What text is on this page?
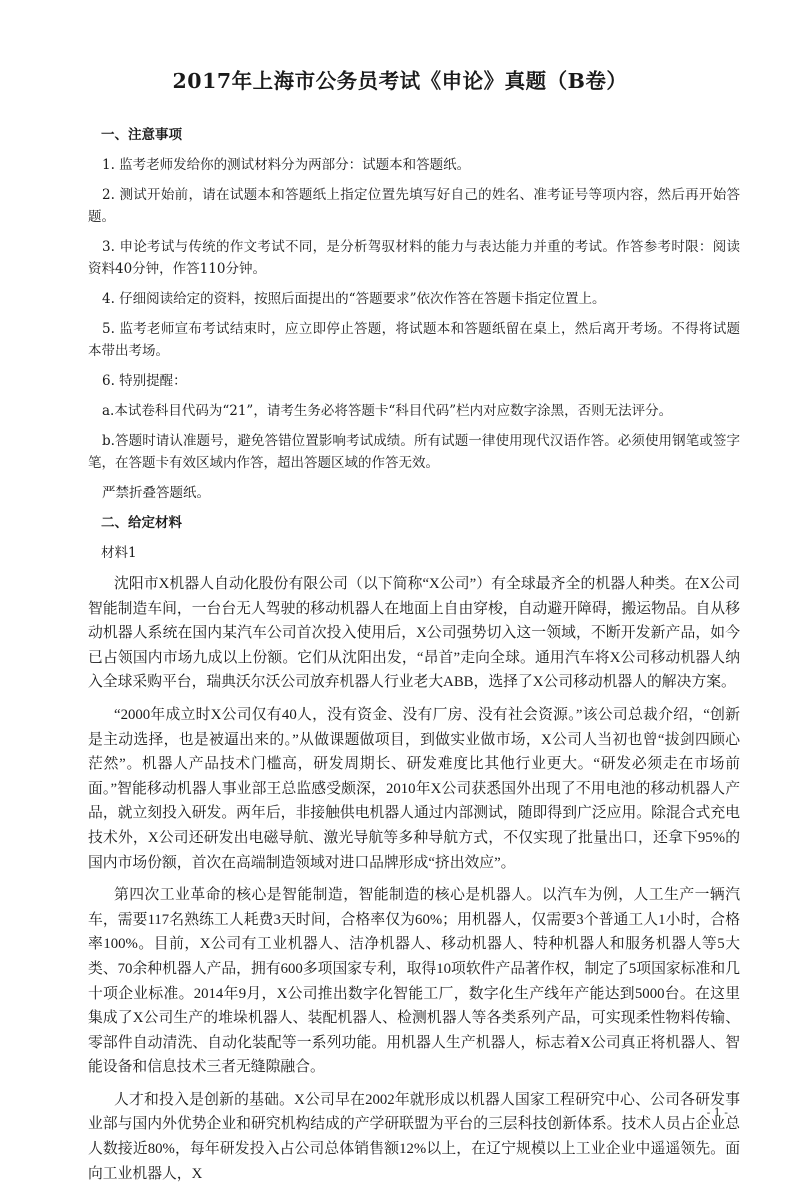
2017年上海市公务员考试《申论》真题（B卷）

一、注意事项

1. 监考老师发给你的测试材料分为两部分：试题本和答题纸。

2. 测试开始前，请在试题本和答题纸上指定位置先填写好自己的姓名、准考证号等项内容，然后再开始答题。

3. 申论考试与传统的作文考试不同，是分析驾驭材料的能力与表达能力并重的考试。作答参考时限：阅读资料40分钟，作答110分钟。

4. 仔细阅读给定的资料，按照后面提出的“答题要求”依次作答在答题卡指定位置上。

5. 监考老师宣布考试结束时，应立即停止答题，将试题本和答题纸留在桌上，然后离开考场。不得将试题本带出考场。

6. 特别提醒：

a.本试卷科目代码为“21”，请考生务必将答题卡“科目代码”栏内对应数字涂黑，否则无法评分。

b.答题时请认准题号，避免答错位置影响考试成绩。所有试题一律使用现代汉语作答。必须使用钢笔或签字笔，在答题卡有效区域内作答，超出答题区域的作答无效。

严禁折叠答题纸。

二、给定材料

材料1

沈阳市X机器人自动化股份有限公司（以下简称“X公司”）有全球最齐全的机器人种类。在X公司智能制造车间，一台台无人驾驶的移动机器人在地面上自由穿梭，自动避开障碍，搬运物品。自从移动机器人系统在国内某汽车公司首次投入使用后，X公司强势切入这一领域，不断开发新产品，如今已占领国内市场九成以上份额。它们从沈阳出发，“昂首”走向全球。通用汽车将X公司移动机器人纳入全球采购平台，瑞典沃尔沃公司放弃机器人行业老大ABB，选择了X公司移动机器人的解决方案。

“2000年成立时X公司仅有40人，没有资金、没有厂房、没有社会资源。”该公司总裁介绍，“创新是主动选择，也是被逼出来的。”从做课题做项目，到做实业做市场，X公司人当初也曾“拔剑四顾心茫然”。机器人产品技术门槛高，研发周期长、研发难度比其他行业更大。“研发必须走在市场前面。”智能移动机器人事业部王总监感受颇深，2010年X公司获悉国外出现了不用电池的移动机器人产品，就立刻投入研发。两年后，非接触供电机器人通过内部测试，随即得到广泛应用。除混合式充电技术外，X公司还研发出电磁导航、激光导航等多种导航方式，不仅实现了批量出口，还拿下95%的国内市场份额，首次在高端制造领域对进口品牌形成“挤出效应”。

第四次工业革命的核心是智能制造，智能制造的核心是机器人。以汽车为例，人工生产一辆汽车，需要117名熟练工人耗费3天时间，合格率仅为60%；用机器人，仅需要3个普通工人1小时，合格率100%。目前，X公司有工业机器人、洁净机器人、移动机器人、特种机器人和服务机器人等5大类、70余种机器人产品，拥有600多项国家专利，取得10项软件产品著作权，制定了5项国家标准和几十项企业标准。2014年9月，X公司推出数字化智能工厂，数字化生产线年产能达到5000台。在这里集成了X公司生产的堆垛机器人、装配机器人、检测机器人等各类系列产品，可实现柔性物料传输、零部件自动清洗、自动化装配等一系列功能。用机器人生产机器人，标志着X公司真正将机器人、智能设备和信息技术三者无缝隙融合。

人才和投入是创新的基础。X公司早在2002年就形成以机器人国家工程研究中心、公司各研发事业部与国内外优势企业和研究机构结成的产学研联盟为平台的三层科技创新体系。技术人员占企业总人数接近80%，每年研发投入占公司总体销售额12%以上，在辽宁规模以上工业企业中遥遥领先。面向工业机器人，X

- 1 -
